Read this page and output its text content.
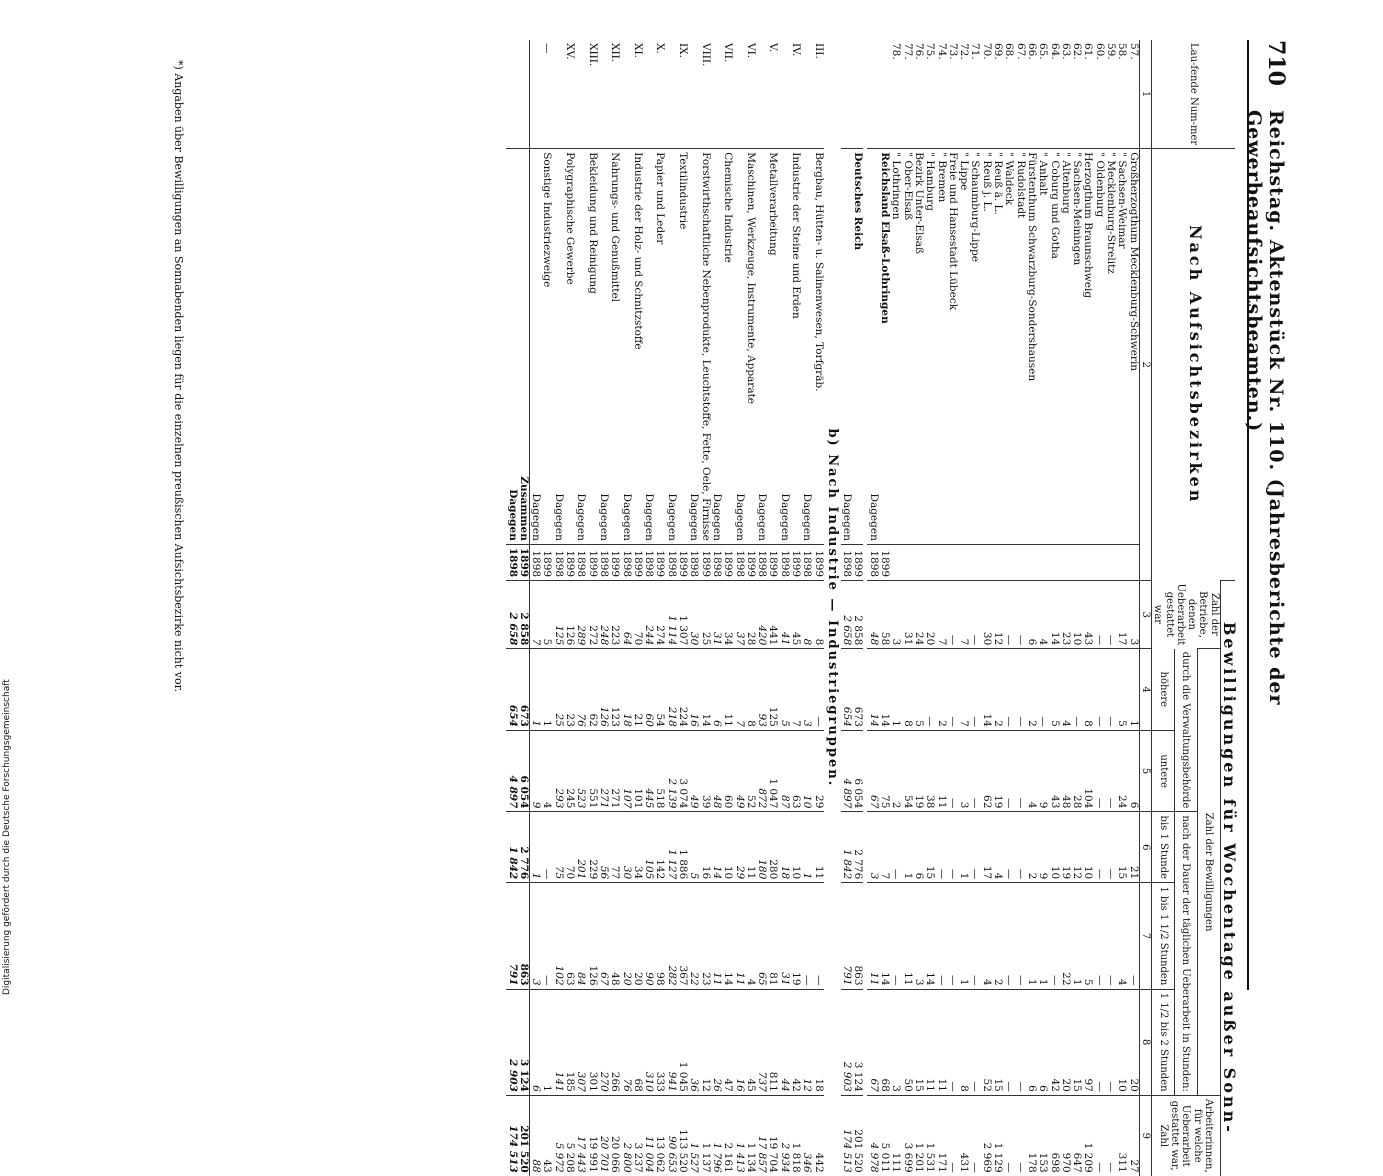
710
Reichstag. Aktenstück Nr. 110. (Jahresberichte der Gewerbeaufsichtsbeamten.)
Lau-fende Num-mer	Nach Aufsichtsbezirken		Bewilligungen für Wochentage außer Sonn-						
			Zahl der Betriebe, denen Ueberarbeit gestattet war	Zahl der Bewilligungen					Arbeiterinnen, für welche Ueberarbeit gestattet war,
Zahl
				durch die Verwaltungsbehörde		nach der Dauer der täglichen Ueberarbeit in Stunden:			
				höhere	untere	bis 1 Stunde	1 bis 1 1/2 Stunden	1 1/2 bis 2 Stunden	
1	2		3	4	5	6	7	8	9
57.	Großherzogthum Mecklenburg-Schwerin		3	1	6	21	—	20	27
58.	" Sachsen-Weimar		17	5	24	15	4	10	311
59.	" Mecklenburg-Strelitz		—	—	—	—	—	—	—
60.	" Oldenburg		—	—	—	—	—	—	—
61.	Herzogthum Braunschweig		43	8	104	10	5	97	1 209
62.	" Sachsen-Meiningen		10	—	28	12	1	15	647
63.	" Altenburg		23	4	48	19	22	20	970
64.	" Coburg und Gotha		14	5	43	10	—	42	698
65.	" Anhalt		4	—	9	9	1	6	153
66.	Fürstenthum Schwarzburg-Sondershausen		6	2	4	2	1	6	178
67.	" Rudolstadt		—	—	—	—	—	—	—
68.	" Waldeck		—	—	—	—	—	—	—
69.	" Reuß ä. L.		12	2	19	4	2	15	1 129
70.	" Reuß j. L.		30	14	62	17	4	52	2 969
71.	" Schaumburg-Lippe		—	—	—	—	—	—	—
72.	" Lippe		7	7	3	1	1	8	431
73.	Freie und Hansestadt Lübeck		—	—	—	—	—	—	—
74.	" Bremen		7	2	11	—	—	11	171
75.	" Hamburg		20	—	38	15	14	11	1 531
76.	Bezirk Unter-Elsaß		24	5	19	6	3	15	1 201
77.	" Ober-Elsaß		31	8	54	1	11	50	3 699
78.	" Lothringen		3	1	2	—	—	3	111
	Reichsland Elsaß-Lothringen	1899	58	14	75	7	14	68	5 011
	Dagegen	1898	48	14	67	3	11	67	4 978

	Deutsches Reich	1899	2 858	673	6 054	2 776	863	3 124	201 520
	Dagegen	1898	2 658	654	4 897	1 842	791	2 903	174 513
b) Nach Industrie — Industriegruppen.									
III.	Bergbau, Hütten- u. Salinenwesen, Torfgräb.	1899	8	—	29	11	—	18	442
	Dagegen	1898	8	3	10	1	—	12	346
IV.	Industrie der Steine und Erden	1899	45	7	63	10	19	42	1 818
	Dagegen	1898	41	5	87	18	31	44	2 934
V.	Metallverarbeitung	1899	441	125	1 047	280	81	811	19 704
	Dagegen	1898	420	93	872	180	65	737	17 857
VI.	Maschinen, Werkzeuge, Instrumente, Apparate	1899	28	8	52	11	4	45	1 134
	Dagegen	1898	37	7	49	29	11	16	1 413
VII.	Chemische Industrie	1899	34	11	60	10	14	47	2 161
	Dagegen	1898	31	6	48	14	11	26	1 796
VIII.	Forstwirthschaftliche Nebenprodukte, Leuchtstoffe, Fette, Oele, Firnisse	1899	25	14	39	16	23	12	1 137
	Dagegen	1898	30	16	49	5	22	36	1 527
IX.	Textilindustrie	1899	1 307	224	3 074	1 886	367	1 045	113 520
	Dagegen	1898	1 114	218	2 139	1 127	282	941	90 653
X.	Papier und Leder	1899	274	54	518	142	98	333	13 062
	Dagegen	1898	244	60	445	105	90	310	11 004
XI.	Industrie der Holz- und Schnitzstoffe	1899	70	21	101	34	20	68	3 237
	Dagegen	1898	64	18	107	30	20	76	2 800
XII.	Nahrungs- und Genußmittel	1899	223	123	271	77	48	266	20 066
	Dagegen	1898	248	126	271	56	67	270	20 701
XIII.	Bekleidung und Reinigung	1899	272	62	551	229	126	301	19 991
	Dagegen	1898	289	76	523	201	84	307	17 443
XV.	Polygraphische Gewerbe	1899	126	23	245	70	63	185	5 208
	Dagegen	1898	125	25	293	75	102	141	5 972
—	Sonstige Industriezweige	1899	5	1	4	—	—	1	43
	Dagegen	1898	7	1	9	1	3	6	88
	Zusammen	1899	2 858	673	6 054	2 776	863	3 124	201 520
	Dagegen	1898	2 658	654	4 897	1 842	791	2 903	174 513
*) Angaben über Bewilligungen an Sonnabenden liegen für die einzelnen preußischen Aufsichtsbezirke nicht vor.
Digitalisierung gefördert durch die Deutsche Forschungsgemeinschaft
